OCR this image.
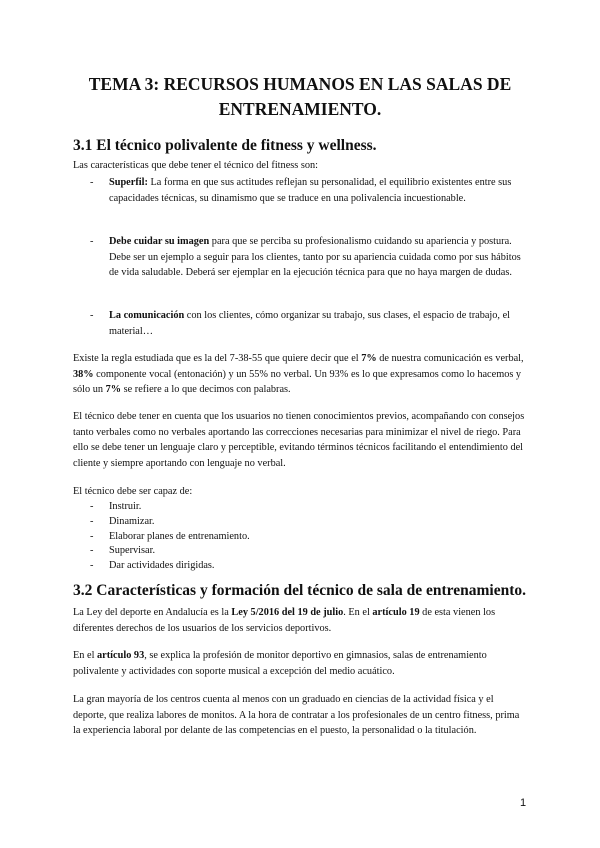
TEMA 3: RECURSOS HUMANOS EN LAS SALAS DE ENTRENAMIENTO.
3.1 El técnico polivalente de fitness y wellness.

Las características que debe tener el técnico del fitness son:

- Superfil: La forma en que sus actitudes reflejan su personalidad, el equilibrio existentes entre sus capacidades técnicas, su dinamismo que se traduce en una polivalencia incuestionable.
- Debe cuidar su imagen para que se perciba su profesionalismo cuidando su apariencia y postura. Debe ser un ejemplo a seguir para los clientes, tanto por su apariencia cuidada como por sus hábitos de vida saludable. Deberá ser ejemplar en la ejecución técnica para que no haya margen de dudas.
- La comunicación con los clientes, cómo organizar su trabajo, sus clases, el espacio de trabajo, el material…

Existe la regla estudiada que es la del 7-38-55 que quiere decir que el 7% de nuestra comunicación es verbal, 38% componente vocal (entonación) y un 55% no verbal. Un 93% es lo que expresamos como lo hacemos y sólo un 7% se refiere a lo que decimos con palabras.

El técnico debe tener en cuenta que los usuarios no tienen conocimientos previos, acompañando con consejos tanto verbales como no verbales aportando las correcciones necesarias para minimizar el nivel de riego. Para ello se debe tener un lenguaje claro y perceptible, evitando términos técnicos facilitando el entendimiento del cliente y siempre aportando con lenguaje no verbal.

El técnico debe ser capaz de:

- Instruir.
- Dinamizar.
- Elaborar planes de entrenamiento.
- Supervisar.
- Dar actividades dirigidas.
3.2 Características y formación del técnico de sala de entrenamiento.

La Ley del deporte en Andalucía es la Ley 5/2016 del 19 de julio. En el artículo 19 de esta vienen los diferentes derechos de los usuarios de los servicios deportivos.

En el artículo 93, se explica la profesión de monitor deportivo en gimnasios, salas de entrenamiento polivalente y actividades con soporte musical a excepción del medio acuático.

La gran mayoría de los centros cuenta al menos con un graduado en ciencias de la actividad física y el deporte, que realiza labores de monitos. A la hora de contratar a los profesionales de un centro fitness, prima la experiencia laboral por delante de las competencias en el puesto, la personalidad o la titulación.

1
